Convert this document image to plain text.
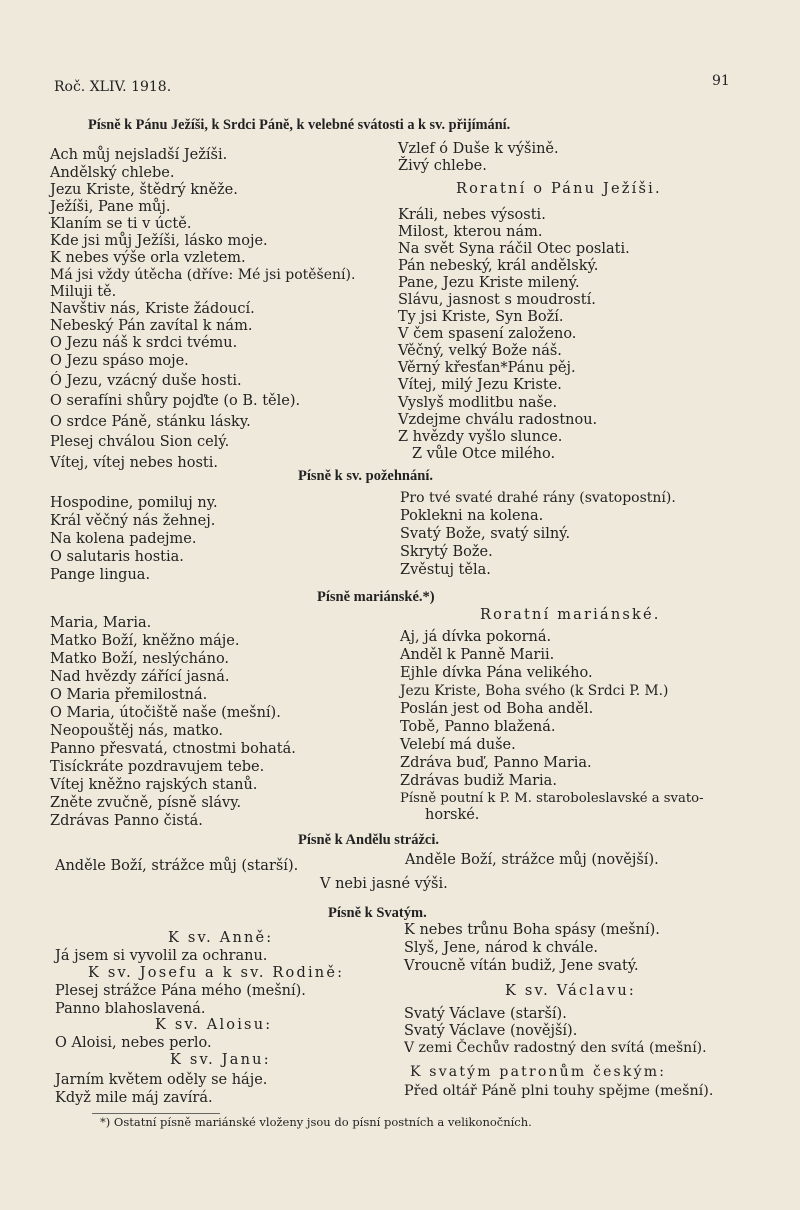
Roč. XLIV. 1918.	91
Písně k Pánu Ježíši, k Srdci Páně, k velebné svátosti a k sv. přijímání.
Ach můj nejsladší Ježíši.
Andělský chlebe.
Jezu Kriste, štědrý kněže.
Ježíši, Pane můj.
Klaním se ti v úctě.
Kde jsi můj Ježíši, lásko moje.
K nebes výše orla vzletem.
Má jsi vždy útěcha (dříve: Mé jsi potěšení).
Miluji tě.
Navštiv nás, Kriste žádoucí.
Nebeský Pán zavítal k nám.
O Jezu náš k srdci tvému.
O Jezu spáso moje.
Ó Jezu, vzácný duše hosti.
O serafíni shůry pojďte (o B. těle).
O srdce Páně, stánku lásky.
Plesej chválou Sion celý.
Vítej, vítej nebes hosti.
Vzlef ó Duše k výšině.
Živý chlebe.
Roratní o Pánu Ježíši.
Králi, nebes výsosti.
Milost, kterou nám.
Na svět Syna ráčil Otec poslati.
Pán nebeský, král andělský.
Pane, Jezu Kriste milený.
Slávu, jasnost s moudrostí.
Ty jsi Kriste, Syn Boží.
V čem spasení založeno.
Věčný, velký Bože náš.
Věrný křesťan*Pánu pěj.
Vítej, milý Jezu Kriste.
Vyslyš modlitbu naše.
Vzdejme chválu radostnou.
Z hvězdy vyšlo slunce.
Z vůle Otce milého.
Písně k sv. požehnání.
Hospodine, pomiluj ny.
Král věčný nás žehnej.
Na kolena padejme.
O salutaris hostia.
Pange lingua.
Pro tvé svaté drahé rány (svatopostní).
Poklekni na kolena.
Svatý Bože, svatý silný.
Skrytý Bože.
Zvěstuj těla.
Písně mariánské.*)
Roratní mariánské.
Maria, Maria.
Matko Boží, kněžno máje.
Matko Boží, neslýcháno.
Nad hvězdy zářící jasná.
O Maria přemilostná.
O Maria, útočiště naše (mešní).
Neopouštěj nás, matko.
Panno přesvatá, ctnostmi bohatá.
Tisíckráte pozdravujem tebe.
Vítej kněžno rajských stanů.
Zněte zvučně, písně slávy.
Zdrávas Panno čistá.
Aj, já dívka pokorná.
Anděl k Panně Marii.
Ejhle dívka Pána velikého.
Jezu Kriste, Boha svého (k Srdci P. M.)
Poslán jest od Boha anděl.
Tobě, Panno blažená.
Velebí má duše.
Zdráva buď, Panno Maria.
Zdrávas budiž Maria.
Písně poutní k P. M. staroboleslavské a svato-
horské.
Písně k Andělu strážci.
Anděle Boží, strážce můj (starší).	Anděle Boží, strážce můj (novější).
V nebi jasné výši.
Písně k Svatým.
K sv. Anně:
Já jsem si vyvolil za ochranu.
K sv. Josefu a k sv. Rodině:
Plesej strážce Pána mého (mešní).
Panno blahoslavená.
K sv. Aloisu:
O Aloisi, nebes perlo.
K sv. Janu:
Jarním květem oděly se háje.
Když mile máj zavírá.
K nebes trůnu Boha spásy (mešní).
Slyš, Jene, národ k chvále.
Vroucně vítán budiž, Jene svatý.
K sv. Václavu:
Svatý Václave (starší).
Svatý Václave (novější).
V zemi Čechův radostný den svítá (mešní).
K svatým patronům českým:
Před oltář Páně plni touhy spějme (mešní).
*) Ostatní písně mariánské vloženy jsou do písní postních a velikonočních.
